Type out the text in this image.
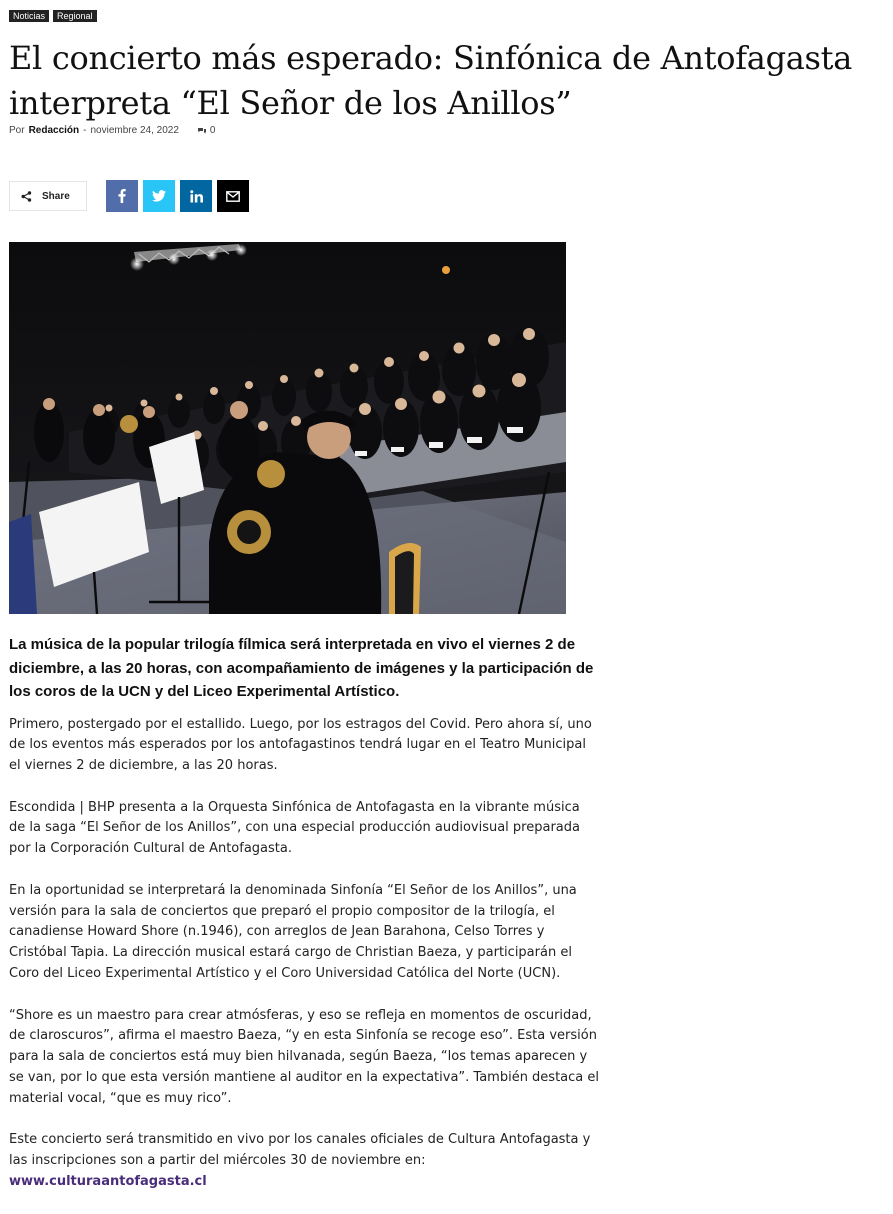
Noticias	Regional
El concierto más esperado: Sinfónica de Antofagasta interpreta “El Señor de los Anillos”
Por Redacción - noviembre 24, 2022	0
Share

La música de la popular trilogía fílmica será interpretada en vivo el viernes 2 de diciembre, a las 20 horas, con acompañamiento de imágenes y la participación de los coros de la UCN y del Liceo Experimental Artístico.

Primero, postergado por el estallido. Luego, por los estragos del Covid. Pero ahora sí, uno de los eventos más esperados por los antofagastinos tendrá lugar en el Teatro Municipal el viernes 2 de diciembre, a las 20 horas.

Escondida | BHP presenta a la Orquesta Sinfónica de Antofagasta en la vibrante música de la saga “El Señor de los Anillos”, con una especial producción audiovisual preparada por la Corporación Cultural de Antofagasta.

En la oportunidad se interpretará la denominada Sinfonía “El Señor de los Anillos”, una versión para la sala de conciertos que preparó el propio compositor de la trilogía, el canadiense Howard Shore (n.1946), con arreglos de Jean Barahona, Celso Torres y Cristóbal Tapia. La dirección musical estará cargo de Christian Baeza, y participarán el Coro del Liceo Experimental Artístico y el Coro Universidad Católica del Norte (UCN).

“Shore es un maestro para crear atmósferas, y eso se refleja en momentos de oscuridad, de claroscuros”, afirma el maestro Baeza, “y en esta Sinfonía se recoge eso”. Esta versión para la sala de conciertos está muy bien hilvanada, según Baeza, “los temas aparecen y se van, por lo que esta versión mantiene al auditor en la expectativa”. También destaca el material vocal, “que es muy rico”.

Este concierto será transmitido en vivo por los canales oficiales de Cultura Antofagasta y las inscripciones son a partir del miércoles 30 de noviembre en: www.culturaantofagasta.cl
